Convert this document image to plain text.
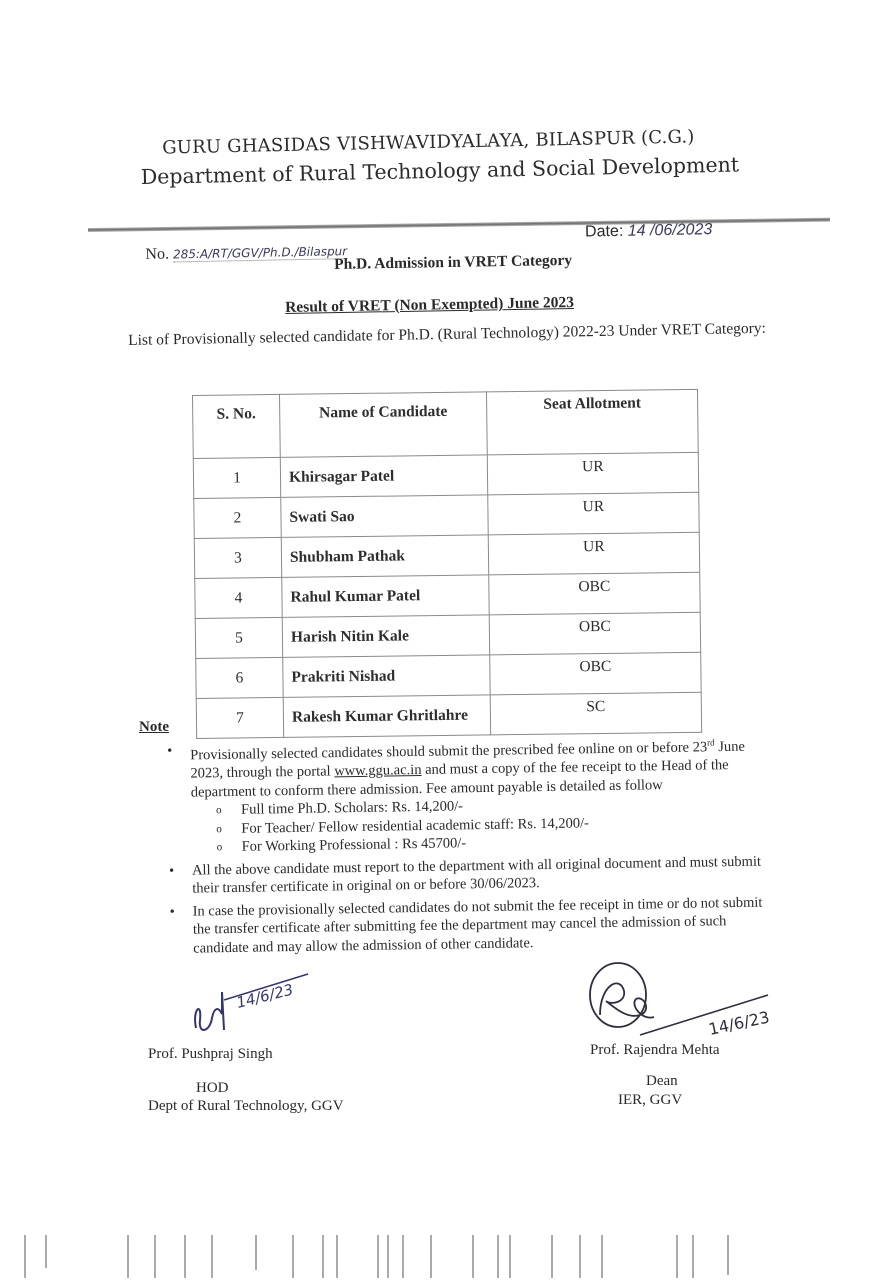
GURU GHASIDAS VISHWAVIDYALAYA, BILASPUR (C.G.)
Department of Rural Technology and Social Development
No. 285:A/RT/GGV/Ph.D./Bilaspur
Date: 14 /06/2023
Ph.D. Admission in VRET Category
Result of VRET (Non Exempted) June 2023
List of Provisionally selected candidate for Ph.D. (Rural Technology) 2022-23 Under VRET Category:
S. No.	Name of Candidate	Seat Allotment
1	Khirsagar Patel	UR
2	Swati Sao	UR
3	Shubham Pathak	UR
4	Rahul Kumar Patel	OBC
5	Harish Nitin Kale	OBC
6	Prakriti Nishad	OBC
7	Rakesh Kumar Ghritlahre	SC
Note
• Provisionally selected candidates should submit the prescribed fee online on or before 23rd June 2023, through the portal www.ggu.ac.in and must a copy of the fee receipt to the Head of the department to conform there admission. Fee amount payable is detailed as follow
o Full time Ph.D. Scholars: Rs. 14,200/-
o For Teacher/ Fellow residential academic staff: Rs. 14,200/-
o For Working Professional : Rs 45700/-
• All the above candidate must report to the department with all original document and must submit their transfer certificate in original on or before 30/06/2023.
• In case the provisionally selected candidates do not submit the fee receipt in time or do not submit the transfer certificate after submitting fee the department may cancel the admission of such candidate and may allow the admission of other candidate.
14/6/23
Prof. Pushpraj Singh
HOD
Dept of Rural Technology, GGV
14/6/23
Prof. Rajendra Mehta
Dean
IER, GGV
